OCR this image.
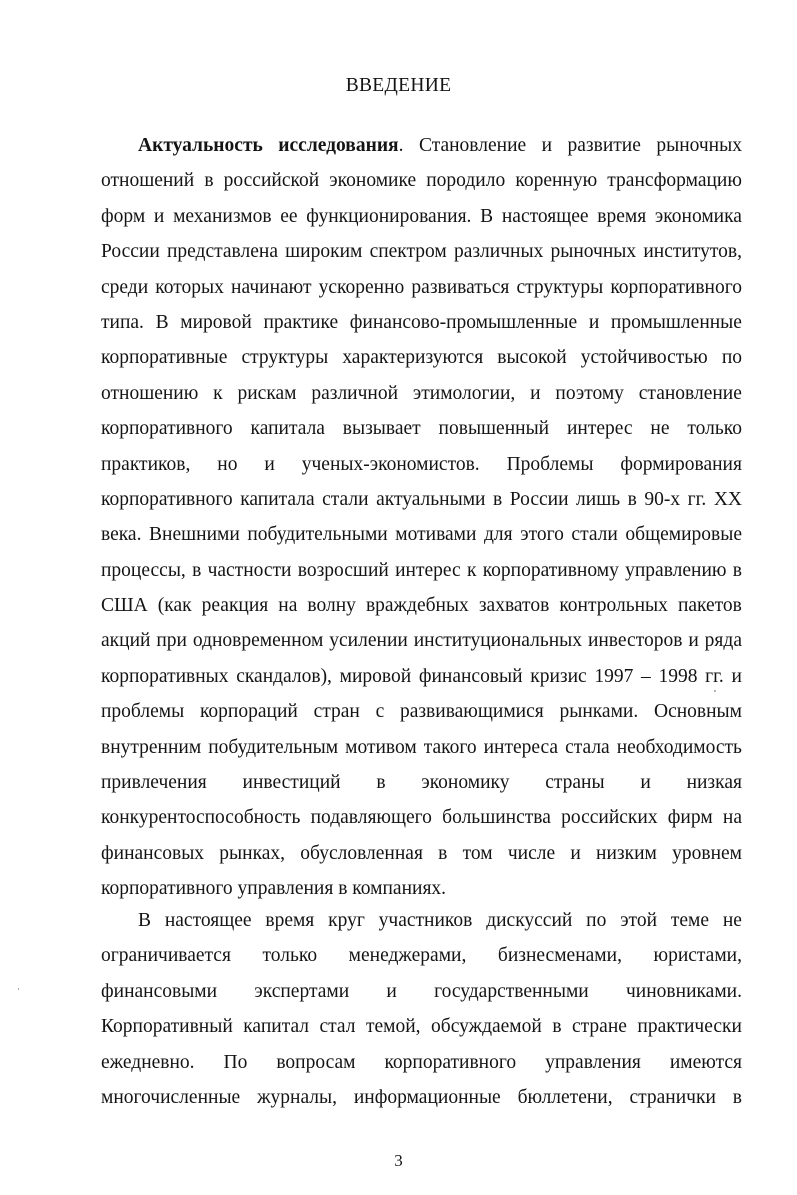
ВВЕДЕНИЕ
Актуальность исследования. Становление и развитие рыночных
отношений в российской экономике породило коренную трансформацию
форм и механизмов ее функционирования. В настоящее время экономика
России представлена широким спектром различных рыночных институтов,
среди которых начинают ускоренно развиваться структуры корпоративного
типа. В мировой практике финансово-промышленные и промышленные
корпоративные структуры характеризуются высокой устойчивостью по
отношению к рискам различной этимологии, и поэтому становление
корпоративного капитала вызывает повышенный интерес не только
практиков, но и ученых-экономистов. Проблемы формирования
корпоративного капитала стали актуальными в России лишь в 90-х гг. XX
века. Внешними побудительными мотивами для этого стали общемировые
процессы, в частности возросший интерес к корпоративному управлению в
США (как реакция на волну враждебных захватов контрольных пакетов
акций при одновременном усилении институциональных инвесторов и ряда
корпоративных скандалов), мировой финансовый кризис 1997 – 1998 гг. и
проблемы корпораций стран с развивающимися рынками. Основным
внутренним побудительным мотивом такого интереса стала необходимость
привлечения инвестиций в экономику страны и низкая
конкурентоспособность подавляющего большинства российских фирм на
финансовых рынках, обусловленная в том числе и низким уровнем
корпоративного управления в компаниях.
В настоящее время круг участников дискуссий по этой теме не
ограничивается только менеджерами, бизнесменами, юристами,
финансовыми экспертами и государственными чиновниками.
Корпоративный капитал стал темой, обсуждаемой в стране практически
ежедневно. По вопросам корпоративного управления имеются
многочисленные журналы, информационные бюллетени, странички в
3
